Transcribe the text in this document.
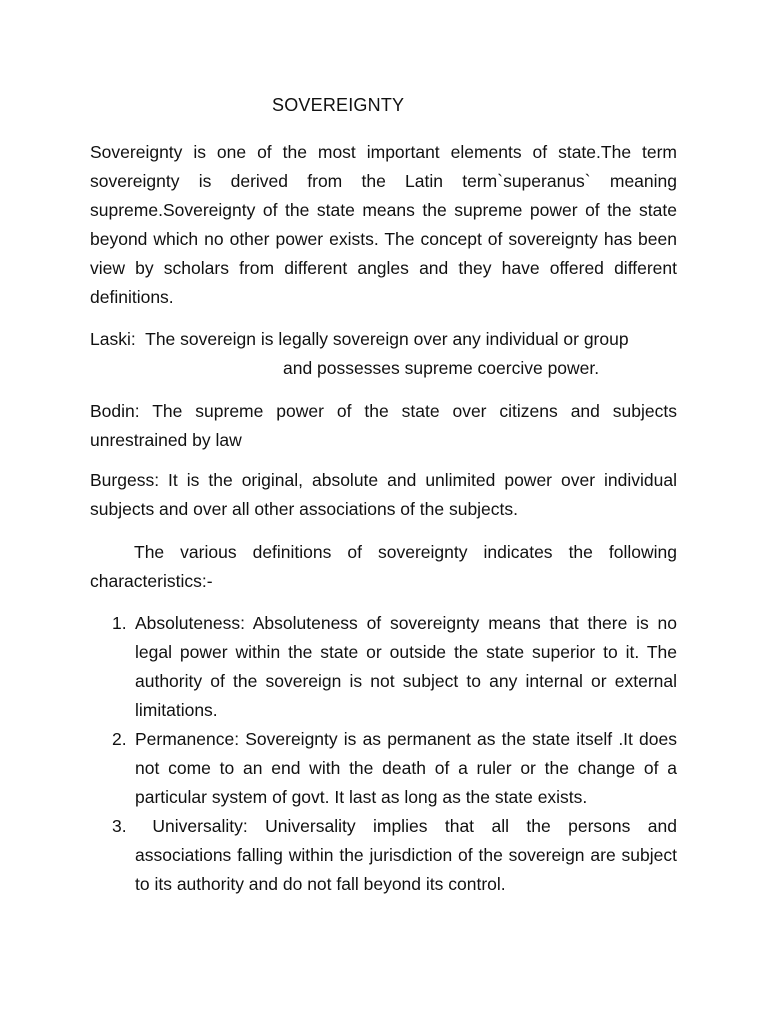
SOVEREIGNTY

Sovereignty is one of the most important elements of state.The term sovereignty is derived from the Latin term`superanus` meaning supreme.Sovereignty of the state means the supreme power of the state beyond which no other power exists. The concept of sovereignty has been view by scholars from different angles and they have offered different definitions.

Laski:  The sovereign is legally sovereign over any individual or group
and possesses supreme coercive power.

Bodin: The supreme power of the state over citizens and subjects unrestrained by law

Burgess: It is the original, absolute and unlimited power over individual subjects and over all other associations of the subjects.

The various definitions of sovereignty indicates the following characteristics:-

1. Absoluteness: Absoluteness of sovereignty means that there is no legal power within the state or outside the state superior to it. The authority of the sovereign is not subject to any internal or external limitations.
2. Permanence: Sovereignty is as permanent as the state itself .It does not come to an end with the death of a ruler or the change of a particular system of govt. It last as long as the state exists.
3. Universality: Universality implies that all the persons and associations falling within the jurisdiction of the sovereign are subject to its authority and do not fall beyond its control.
